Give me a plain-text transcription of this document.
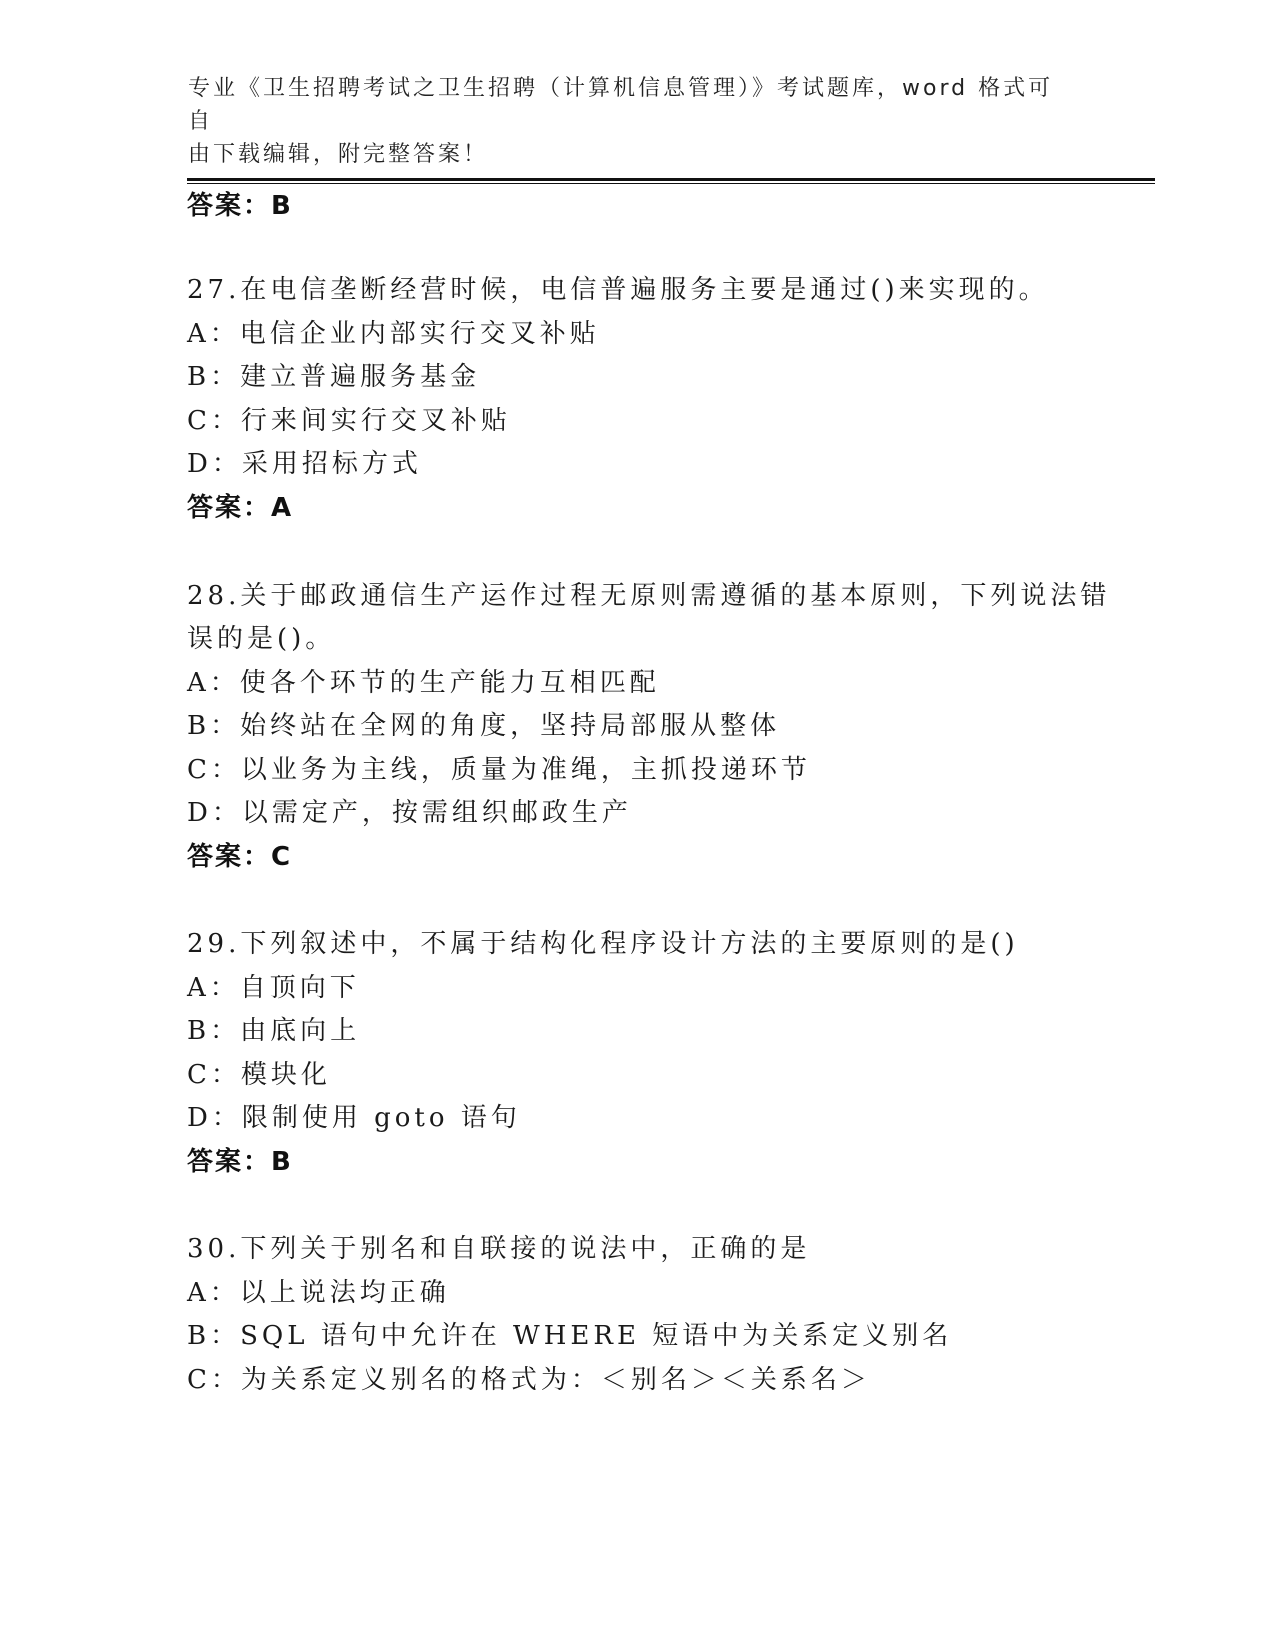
专业《卫生招聘考试之卫生招聘（计算机信息管理）》考试题库，word 格式可自
由下载编辑，附完整答案！
答案：B
27.在电信垄断经营时候，电信普遍服务主要是通过()来实现的。
A：电信企业内部实行交叉补贴
B：建立普遍服务基金
C：行来间实行交叉补贴
D：采用招标方式
答案：A
28.关于邮政通信生产运作过程无原则需遵循的基本原则，下列说法错
误的是()。
A：使各个环节的生产能力互相匹配
B：始终站在全网的角度，坚持局部服从整体
C：以业务为主线，质量为准绳，主抓投递环节
D：以需定产，按需组织邮政生产
答案：C
29.下列叙述中，不属于结构化程序设计方法的主要原则的是()
A：自顶向下
B：由底向上
C：模块化
D：限制使用 goto 语句
答案：B
30.下列关于别名和自联接的说法中，正确的是
A：以上说法均正确
B：SQL 语句中允许在 WHERE 短语中为关系定义别名
C：为关系定义别名的格式为：＜别名＞＜关系名＞
